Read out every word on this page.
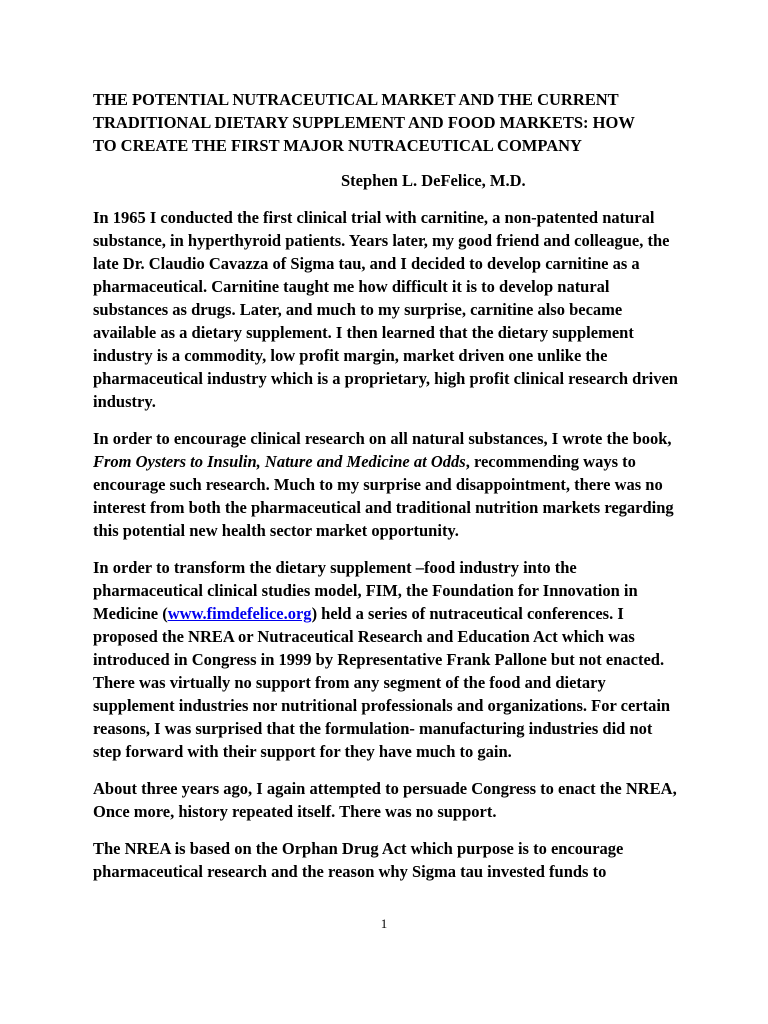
THE POTENTIAL NUTRACEUTICAL MARKET AND THE CURRENT
TRADITIONAL DIETARY SUPPLEMENT AND FOOD MARKETS: HOW
TO CREATE THE FIRST MAJOR NUTRACEUTICAL COMPANY
Stephen L. DeFelice, M.D.

In 1965 I conducted the first clinical trial with carnitine, a non-patented natural substance, in hyperthyroid patients. Years later, my good friend and colleague, the late Dr. Claudio Cavazza of Sigma tau, and I decided to develop carnitine as a pharmaceutical. Carnitine taught me how difficult it is to develop natural substances as drugs. Later, and much to my surprise, carnitine also became available as a dietary supplement. I then learned that the dietary supplement industry is a commodity, low profit margin, market driven one unlike the pharmaceutical industry which is a proprietary, high profit clinical research driven industry.

In order to encourage clinical research on all natural substances, I wrote the book, From Oysters to Insulin, Nature and Medicine at Odds, recommending ways to encourage such research. Much to my surprise and disappointment, there was no interest from both the pharmaceutical and traditional nutrition markets regarding this potential new health sector market opportunity.

In order to transform the dietary supplement –food industry into the pharmaceutical clinical studies model, FIM, the Foundation for Innovation in Medicine (www.fimdefelice.org) held a series of nutraceutical conferences. I proposed the NREA or Nutraceutical Research and Education Act which was introduced in Congress in 1999 by Representative Frank Pallone but not enacted. There was virtually no support from any segment of the food and dietary supplement industries nor nutritional professionals and organizations. For certain reasons, I was surprised that the formulation- manufacturing industries did not step forward with their support for they have much to gain.

About three years ago, I again attempted to persuade Congress to enact the NREA, Once more, history repeated itself. There was no support.

The NREA is based on the Orphan Drug Act which purpose is to encourage pharmaceutical research and the reason why Sigma tau invested funds to

1
